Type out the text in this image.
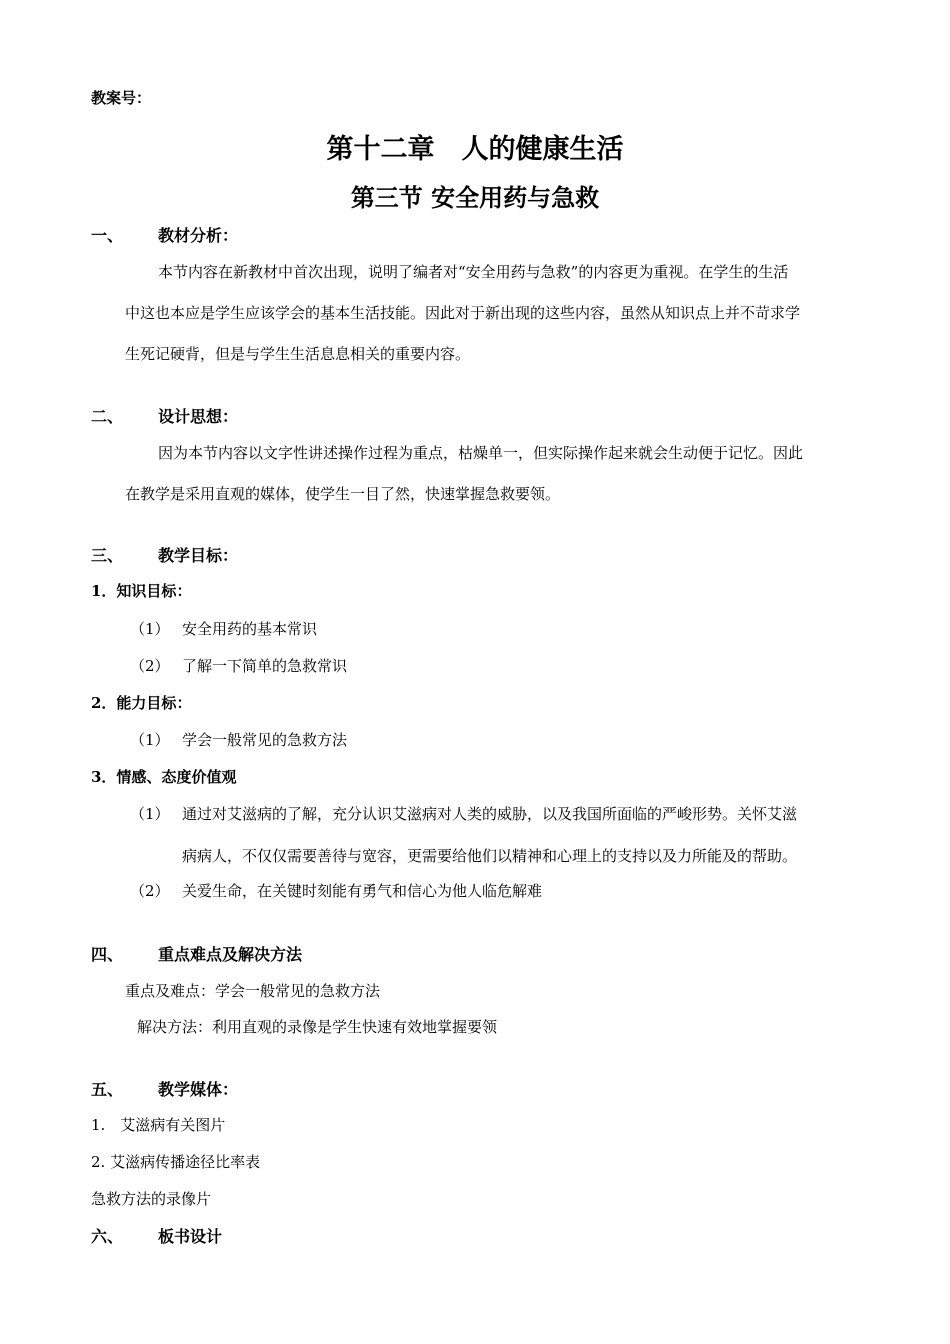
教案号：
第十二章　人的健康生活
第三节 安全用药与急救
一、 教材分析：
本节内容在新教材中首次出现，说明了编者对“安全用药与急救”的内容更为重视。在学生的生活
中这也本应是学生应该学会的基本生活技能。因此对于新出现的这些内容，虽然从知识点上并不苛求学
生死记硬背，但是与学生生活息息相关的重要内容。
二、 设计思想：
因为本节内容以文字性讲述操作过程为重点，枯燥单一，但实际操作起来就会生动便于记忆。因此
在教学是采用直观的媒体，使学生一目了然，快速掌握急救要领。
三、 教学目标：
1．知识目标：
（1） 安全用药的基本常识
（2） 了解一下简单的急救常识
2．能力目标：
（1） 学会一般常见的急救方法
3．情感、态度价值观
（1） 通过对艾滋病的了解，充分认识艾滋病对人类的威胁，以及我国所面临的严峻形势。关怀艾滋
病病人，不仅仅需要善待与宽容，更需要给他们以精神和心理上的支持以及力所能及的帮助。
（2） 关爱生命，在关键时刻能有勇气和信心为他人临危解难
四、 重点难点及解决方法
重点及难点：学会一般常见的急救方法
解决方法：利用直观的录像是学生快速有效地掌握要领
五、 教学媒体：
1.　艾滋病有关图片
2. 艾滋病传播途径比率表
急救方法的录像片
六、 板书设计
